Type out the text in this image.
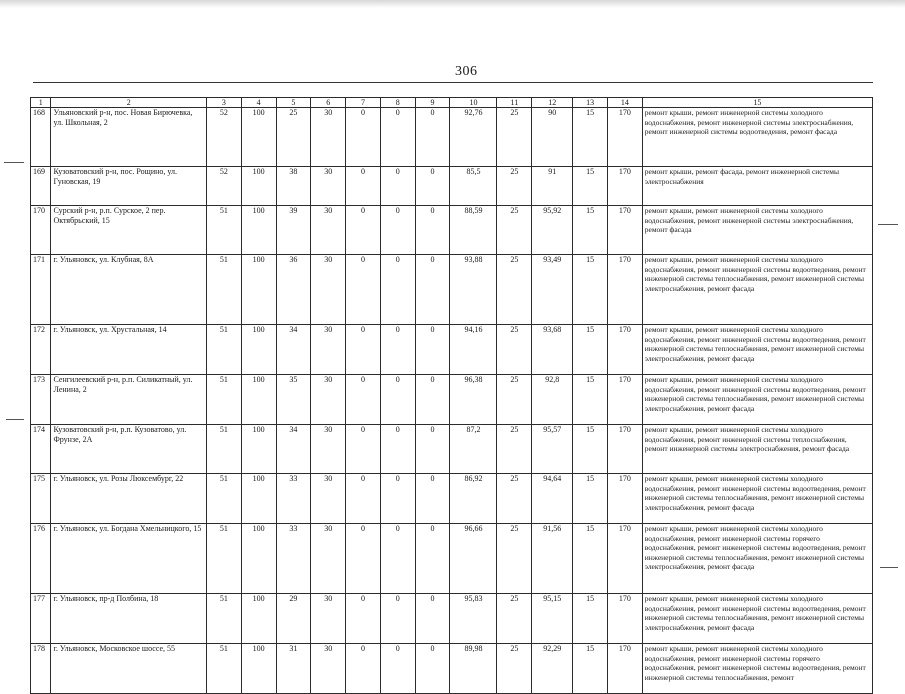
306
1	2	3	4	5	6	7	8	9	10	11	12	13	14	15
168	Ульяновский р-н, пос. Новая Бирючевка, ул. Школьная, 2	52	100	25	30	0	0	0	92,76	25	90	15	170	ремонт крыши, ремонт инженерной системы холодного водоснабжения, ремонт инженерной системы электроснабжения, ремонт инженерной системы водоотведения, ремонт фасада
169	Кузоватовский р-н, пос. Рощино, ул. Гуновская, 19	52	100	38	30	0	0	0	85,5	25	91	15	170	ремонт крыши, ремонт фасада, ремонт инженерной системы электроснабжения
170	Сурский р-н, р.п. Сурское, 2 пер. Октябрьский, 15	51	100	39	30	0	0	0	88,59	25	95,92	15	170	ремонт крыши, ремонт инженерной системы холодного водоснабжения, ремонт инженерной системы электроснабжения, ремонт фасада
171	г. Ульяновск, ул. Клубная, 8А	51	100	36	30	0	0	0	93,88	25	93,49	15	170	ремонт крыши, ремонт инженерной системы холодного водоснабжения, ремонт инженерной системы водоотведения, ремонт инженерной системы теплоснабжения, ремонт инженерной системы электроснабжения, ремонт фасада
172	г. Ульяновск, ул. Хрустальная, 14	51	100	34	30	0	0	0	94,16	25	93,68	15	170	ремонт крыши, ремонт инженерной системы холодного водоснабжения, ремонт инженерной системы водоотведения, ремонт инженерной системы теплоснабжения, ремонт инженерной системы электроснабжения, ремонт фасада
173	Сенгилеевский р-н, р.п. Силикатный, ул. Ленина, 2	51	100	35	30	0	0	0	96,38	25	92,8	15	170	ремонт крыши, ремонт инженерной системы холодного водоснабжения, ремонт инженерной системы водоотведения, ремонт инженерной системы теплоснабжения, ремонт инженерной системы электроснабжения, ремонт фасада
174	Кузоватовский р-н, р.п. Кузоватово, ул. Фрунзе, 2А	51	100	34	30	0	0	0	87,2	25	95,57	15	170	ремонт крыши, ремонт инженерной системы холодного водоснабжения, ремонт инженерной системы теплоснабжения, ремонт инженерной системы электроснабжения, ремонт фасада
175	г. Ульяновск, ул. Розы Люксембург, 22	51	100	33	30	0	0	0	86,92	25	94,64	15	170	ремонт крыши, ремонт инженерной системы холодного водоснабжения, ремонт инженерной системы водоотведения, ремонт инженерной системы теплоснабжения, ремонт инженерной системы электроснабжения, ремонт фасада
176	г. Ульяновск, ул. Богдана Хмельницкого, 15	51	100	33	30	0	0	0	96,66	25	91,56	15	170	ремонт крыши, ремонт инженерной системы холодного водоснабжения, ремонт инженерной системы горячего водоснабжения, ремонт инженерной системы водоотведения, ремонт инженерной системы теплоснабжения, ремонт инженерной системы электроснабжения, ремонт фасада
177	г. Ульяновск, пр-д Полбина, 18	51	100	29	30	0	0	0	95,83	25	95,15	15	170	ремонт крыши, ремонт инженерной системы холодного водоснабжения, ремонт инженерной системы водоотведения, ремонт инженерной системы теплоснабжения, ремонт инженерной системы электроснабжения, ремонт фасада
178	г. Ульяновск, Московское шоссе, 55	51	100	31	30	0	0	0	89,98	25	92,29	15	170	ремонт крыши, ремонт инженерной системы холодного водоснабжения, ремонт инженерной системы горячего водоснабжения, ремонт инженерной системы водоотведения, ремонт инженерной системы теплоснабжения, ремонт
